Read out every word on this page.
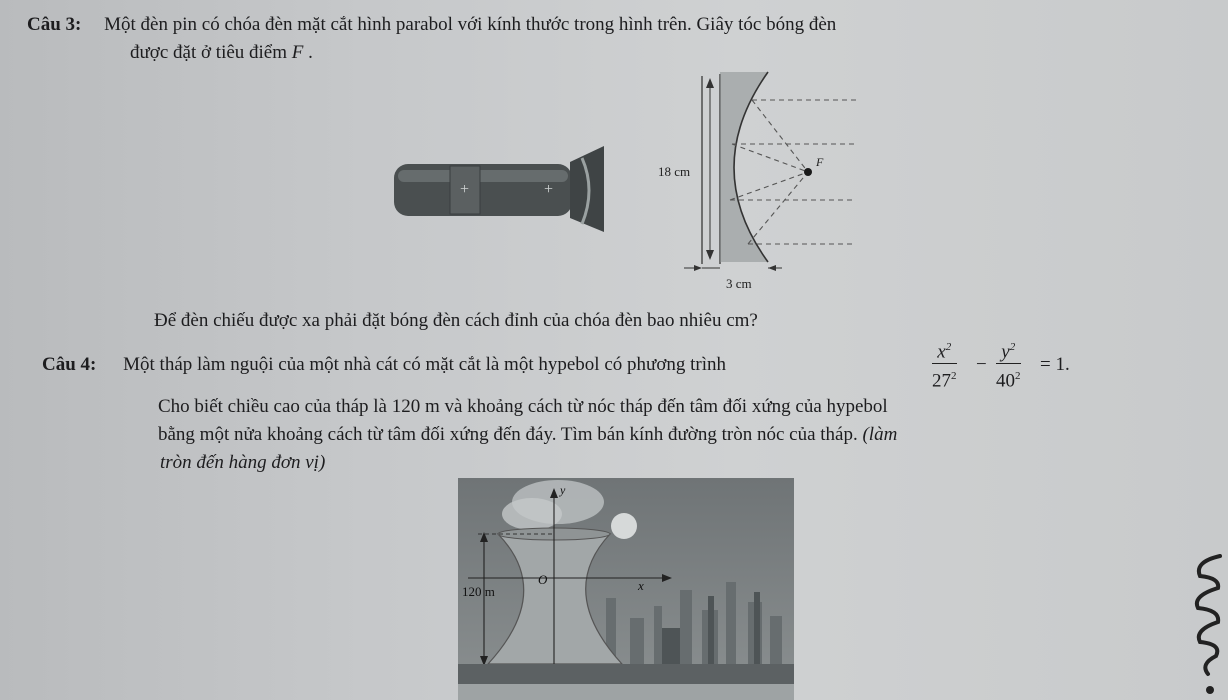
Câu 3: Một đèn pin có chóa đèn mặt cắt hình parabol với kính thước trong hình trên. Giây tóc bóng đèn
được đặt ở tiêu điểm F .
+	+
F
18 cm
3 cm
Để đèn chiếu được xa phải đặt bóng đèn cách đỉnh của chóa đèn bao nhiêu cm?
Câu 4: Một tháp làm nguội của một nhà cát có mặt cắt là một hypebol có phương trình	$\frac{x^2}{27^2} - \frac{y^2}{40^2} = 1$.
Cho biết chiều cao của tháp là 120 m và khoảng cách từ nóc tháp đến tâm đối xứng của hypebol
bằng một nửa khoảng cách từ tâm đối xứng đến đáy. Tìm bán kính đường tròn nóc của tháp. (làm
tròn đến hàng đơn vị)
O	x
y
120 m
